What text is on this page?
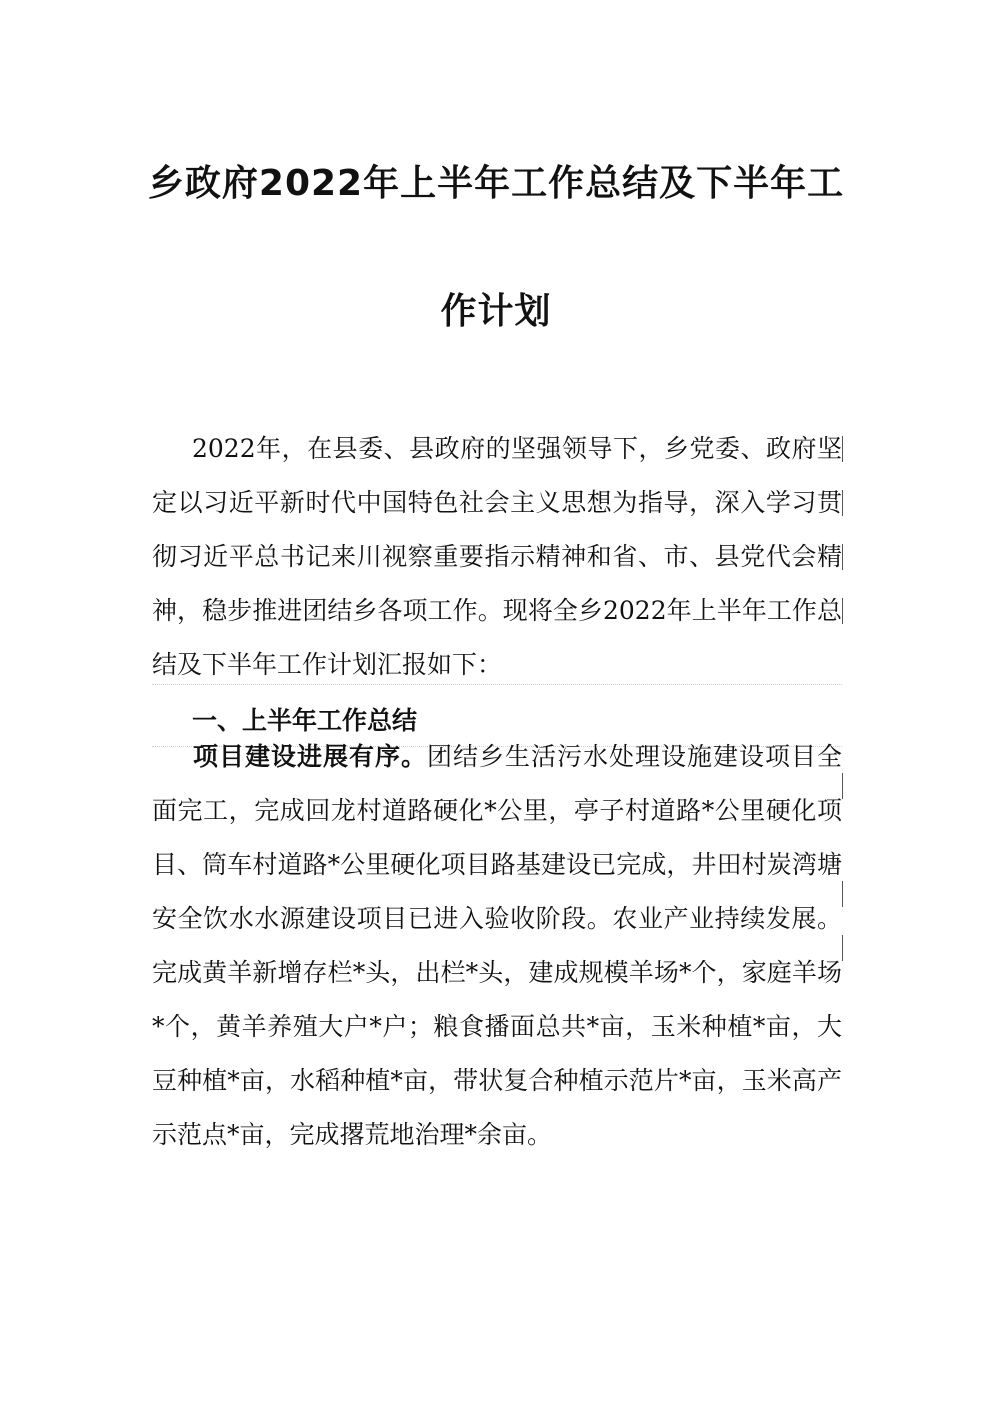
乡政府2022年上半年工作总结及下半年工
作计划

2022年，在县委、县政府的坚强领导下，乡党委、政府坚定以习近平新时代中国特色社会主义思想为指导，深入学习贯彻习近平总书记来川视察重要指示精神和省、市、县党代会精神，稳步推进团结乡各项工作。现将全乡2022年上半年工作总结及下半年工作计划汇报如下：

一、上半年工作总结

项目建设进展有序。团结乡生活污水处理设施建设项目全面完工，完成回龙村道路硬化*公里，亭子村道路*公里硬化项目、筒车村道路*公里硬化项目路基建设已完成，井田村炭湾塘安全饮水水源建设项目已进入验收阶段。农业产业持续发展。完成黄羊新增存栏*头，出栏*头，建成规模羊场*个，家庭羊场*个，黄羊养殖大户*户；粮食播面总共*亩，玉米种植*亩，大豆种植*亩，水稻种植*亩，带状复合种植示范片*亩，玉米高产示范点*亩，完成撂荒地治理*余亩。
